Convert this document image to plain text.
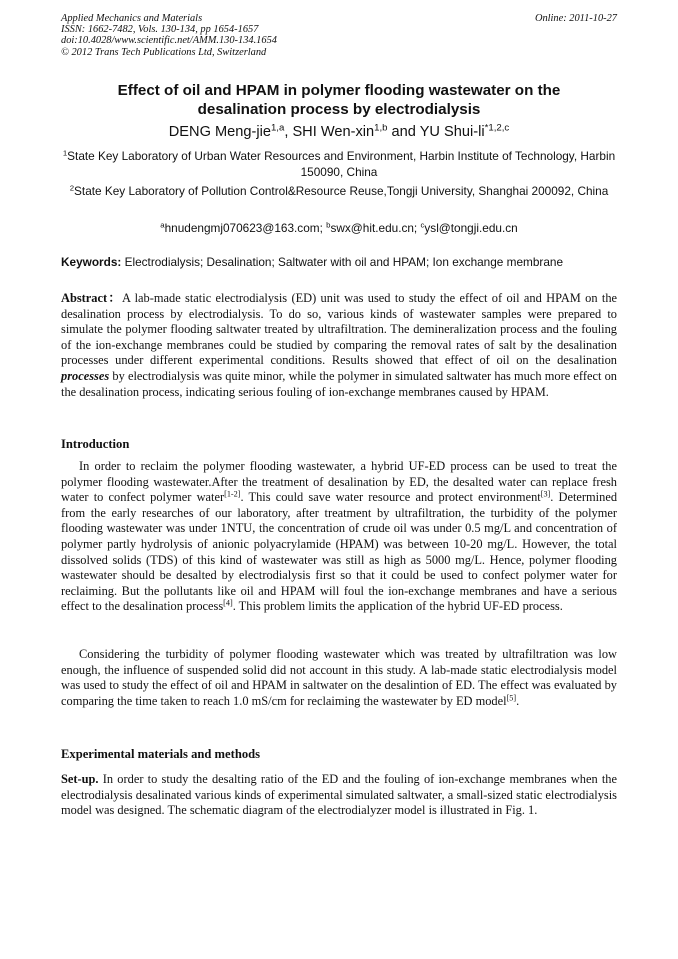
Applied Mechanics and Materials
ISSN: 1662-7482, Vols. 130-134, pp 1654-1657
doi:10.4028/www.scientific.net/AMM.130-134.1654
© 2012 Trans Tech Publications Ltd, Switzerland
Online: 2011-10-27
Effect of oil and HPAM in polymer flooding wastewater on the
desalination process by electrodialysis
DENG Meng-jie$^{1,a}$, SHI Wen-xin$^{1,b}$ and YU Shui-li$^{*1,2,c}$
$^1$State Key Laboratory of Urban Water Resources and Environment, Harbin Institute of Technology, Harbin 150090, China
$^2$State Key Laboratory of Pollution Control&Resource Reuse,Tongji University, Shanghai 200092, China
$^a$hnudengmj070623@163.com; $^b$swx@hit.edu.cn; $^c$ysl@tongji.edu.cn
Keywords: Electrodialysis; Desalination; Saltwater with oil and HPAM; Ion exchange membrane
Abstract：A lab-made static electrodialysis (ED) unit was used to study the effect of oil and HPAM on the desalination process by electrodialysis. To do so, various kinds of wastewater samples were prepared to simulate the polymer flooding saltwater treated by ultrafiltration. The demineralization process and the fouling of the ion-exchange membranes could be studied by comparing the removal rates of salt by the desalination processes under different experimental conditions. Results showed that effect of oil on the desalination processes by electrodialysis was quite minor, while the polymer in simulated saltwater has much more effect on the desalination process, indicating serious fouling of ion-exchange membranes caused by HPAM.
Introduction
In order to reclaim the polymer flooding wastewater, a hybrid UF-ED process can be used to treat the polymer flooding wastewater.After the treatment of desalination by ED, the desalted water can replace fresh water to confect polymer water[1-2]. This could save water resource and protect environment[3]. Determined from the early researches of our laboratory, after treatment by ultrafiltration, the turbidity of the polymer flooding wastewater was under 1NTU, the concentration of crude oil was under 0.5 mg/L and concentration of polymer partly hydrolysis of anionic polyacrylamide (HPAM) was between 10-20 mg/L. However, the total dissolved solids (TDS) of this kind of wastewater was still as high as 5000 mg/L. Hence, polymer flooding wastewater should be desalted by electrodialysis first so that it could be used to confect polymer water for reclaiming. But the pollutants like oil and HPAM will foul the ion-exchange membranes and have a serious effect to the desalination process[4]. This problem limits the application of the hybrid UF-ED process.
Considering the turbidity of polymer flooding wastewater which was treated by ultrafiltration was low enough, the influence of suspended solid did not account in this study. A lab-made static electrodialysis model was used to study the effect of oil and HPAM in saltwater on the desalintion of ED. The effect was evaluated by comparing the time taken to reach 1.0 mS/cm for reclaiming the wastewater by ED model[5].
Experimental materials and methods
Set-up. In order to study the desalting ratio of the ED and the fouling of ion-exchange membranes when the electrodialysis desalinated various kinds of experimental simulated saltwater, a small-sized static electrodialysis model was designed. The schematic diagram of the electrodialyzer model is illustrated in Fig. 1.
